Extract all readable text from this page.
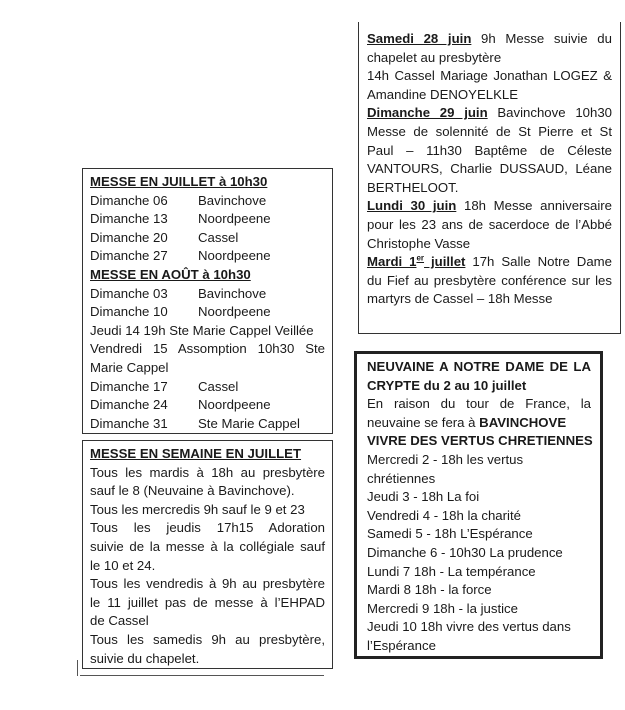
Samedi 28 juin 9h Messe suivie du
chapelet au presbytère
14h Cassel Mariage Jonathan LOGEZ &
Amandine DENOYELKLE
Dimanche 29 juin Bavinchove 10h30
Messe de solennité de St Pierre et St
Paul – 11h30 Baptême de Céleste
VANTOURS, Charlie DUSSAUD, Léane
BERTHELOOT.
Lundi 30 juin 18h Messe anniversaire
pour les 23 ans de sacerdoce de l’Abbé
Christophe Vasse
Mardi 1er juillet 17h Salle Notre Dame
du Fief au presbytère conférence sur les
martyrs de Cassel – 18h Messe
MESSE EN JUILLET à 10h30
Dimanche 06 Bavinchove
Dimanche 13 Noordpeene
Dimanche 20 Cassel
Dimanche 27 Noordpeene
MESSE EN AOÛT à 10h30
Dimanche 03 Bavinchove
Dimanche 10 Noordpeene
Jeudi 14 19h Ste Marie Cappel Veillée
Vendredi 15 Assomption 10h30 Ste
Marie Cappel
Dimanche 17 Cassel
Dimanche 24 Noordpeene
Dimanche 31 Ste Marie Cappel
MESSE EN SEMAINE EN JUILLET
Tous les mardis à 18h au presbytère
sauf le 8 (Neuvaine à Bavinchove).
Tous les mercredis 9h sauf le 9 et 23
Tous les jeudis 17h15 Adoration
suivie de la messe à la collégiale sauf
le 10 et 24.
Tous les vendredis à 9h au presbytère
le 11 juillet pas de messe à l’EHPAD
de Cassel
Tous les samedis 9h au presbytère,
suivie du chapelet.
NEUVAINE A NOTRE DAME DE LA
CRYPTE du 2 au 10 juillet
En raison du tour de France, la
neuvaine se fera à BAVINCHOVE
VIVRE DES VERTUS CHRETIENNES
Mercredi 2 - 18h les vertus
chrétiennes
Jeudi 3 - 18h La foi
Vendredi 4 - 18h la charité
Samedi 5 - 18h L’Espérance
Dimanche 6 - 10h30 La prudence
Lundi 7 18h - La tempérance
Mardi 8 18h - la force
Mercredi 9 18h - la justice
Jeudi 10 18h vivre des vertus dans
l’Espérance
